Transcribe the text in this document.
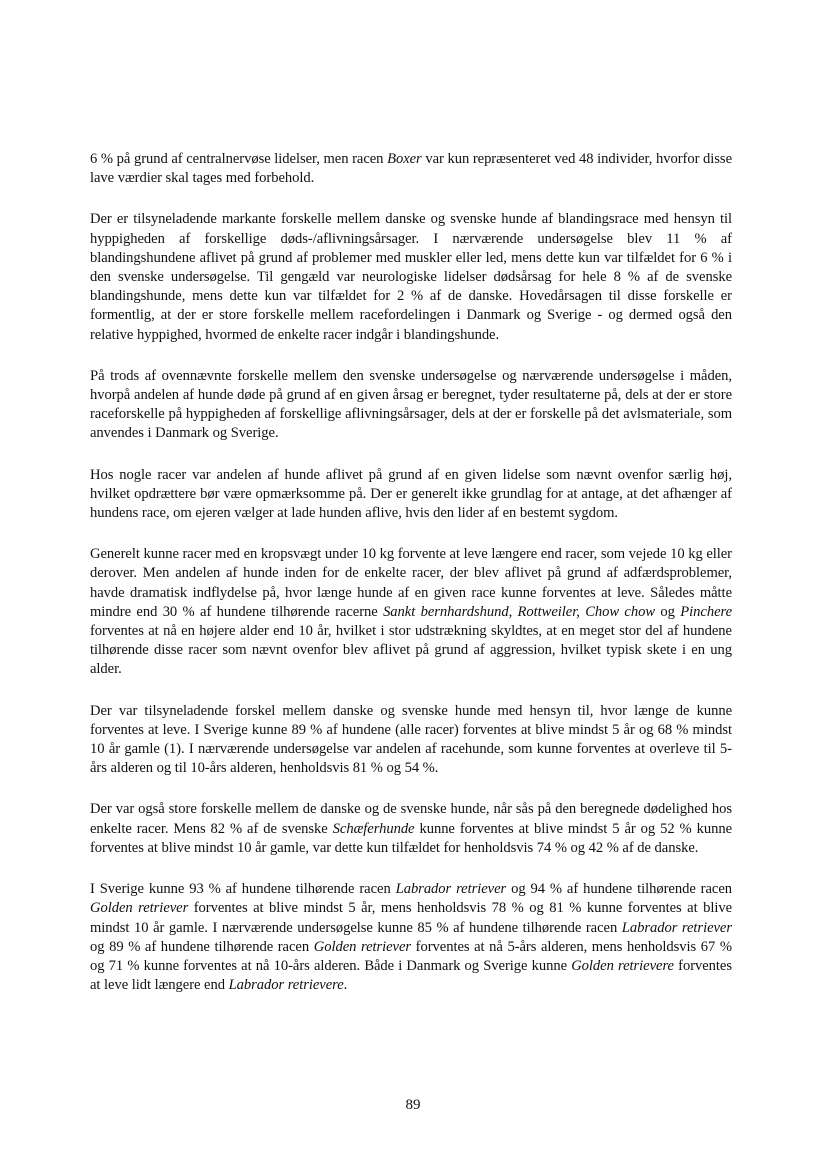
6 % på grund af centralnervøse lidelser, men racen Boxer var kun repræsenteret ved 48 individer, hvorfor disse lave værdier skal tages med forbehold.

Der er tilsyneladende markante forskelle mellem danske og svenske hunde af blandingsrace med hensyn til hyppigheden af forskellige døds-/aflivningsårsager. I nærværende undersøgelse blev 11 % af blandingshundene aflivet på grund af problemer med muskler eller led, mens dette kun var tilfældet for 6 % i den svenske undersøgelse. Til gengæld var neurologiske lidelser dødsårsag for hele 8 % af de svenske blandingshunde, mens dette kun var tilfældet for 2 % af de danske. Hovedårsagen til disse forskelle er formentlig, at der er store forskelle mellem racefordelingen i Danmark og Sverige - og dermed også den relative hyppighed, hvormed de enkelte racer indgår i blandingshunde.

På trods af ovennævnte forskelle mellem den svenske undersøgelse og nærværende undersøgelse i måden, hvorpå andelen af hunde døde på grund af en given årsag er beregnet, tyder resultaterne på, dels at der er store raceforskelle på hyppigheden af forskellige aflivningsårsager, dels at der er forskelle på det avlsmateriale, som anvendes i Danmark og Sverige.

Hos nogle racer var andelen af hunde aflivet på grund af en given lidelse som nævnt ovenfor særlig høj, hvilket opdrættere bør være opmærksomme på. Der er generelt ikke grundlag for at antage, at det afhænger af hundens race, om ejeren vælger at lade hunden aflive, hvis den lider af en bestemt sygdom.

Generelt kunne racer med en kropsvægt under 10 kg forvente at leve længere end racer, som vejede 10 kg eller derover. Men andelen af hunde inden for de enkelte racer, der blev aflivet på grund af adfærdsproblemer, havde dramatisk indflydelse på, hvor længe hunde af en given race kunne forventes at leve. Således måtte mindre end 30 % af hundene tilhørende racerne Sankt bernhardshund, Rottweiler, Chow chow og Pinchere forventes at nå en højere alder end 10 år, hvilket i stor udstrækning skyldtes, at en meget stor del af hundene tilhørende disse racer som nævnt ovenfor blev aflivet på grund af aggression, hvilket typisk skete i en ung alder.

Der var tilsyneladende forskel mellem danske og svenske hunde med hensyn til, hvor længe de kunne forventes at leve. I Sverige kunne 89 % af hundene (alle racer) forventes at blive mindst 5 år og 68 % mindst 10 år gamle (1). I nærværende undersøgelse var andelen af racehunde, som kunne forventes at overleve til 5-års alderen og til 10-års alderen, henholdsvis 81 % og 54 %.

Der var også store forskelle mellem de danske og de svenske hunde, når sås på den beregnede dødelighed hos enkelte racer. Mens 82 % af de svenske Schæferhunde kunne forventes at blive mindst 5 år og 52 % kunne forventes at blive mindst 10 år gamle, var dette kun tilfældet for henholdsvis 74 % og 42 % af de danske.

I Sverige kunne 93 % af hundene tilhørende racen Labrador retriever og 94 % af hundene tilhørende racen Golden retriever forventes at blive mindst 5 år, mens henholdsvis 78 % og 81 % kunne forventes at blive mindst 10 år gamle. I nærværende undersøgelse kunne 85 % af hundene tilhørende racen Labrador retriever og 89 % af hundene tilhørende racen Golden retriever forventes at nå 5-års alderen, mens henholdsvis 67 % og 71 % kunne forventes at nå 10-års alderen. Både i Danmark og Sverige kunne Golden retrievere forventes at leve lidt længere end Labrador retrievere.

89
